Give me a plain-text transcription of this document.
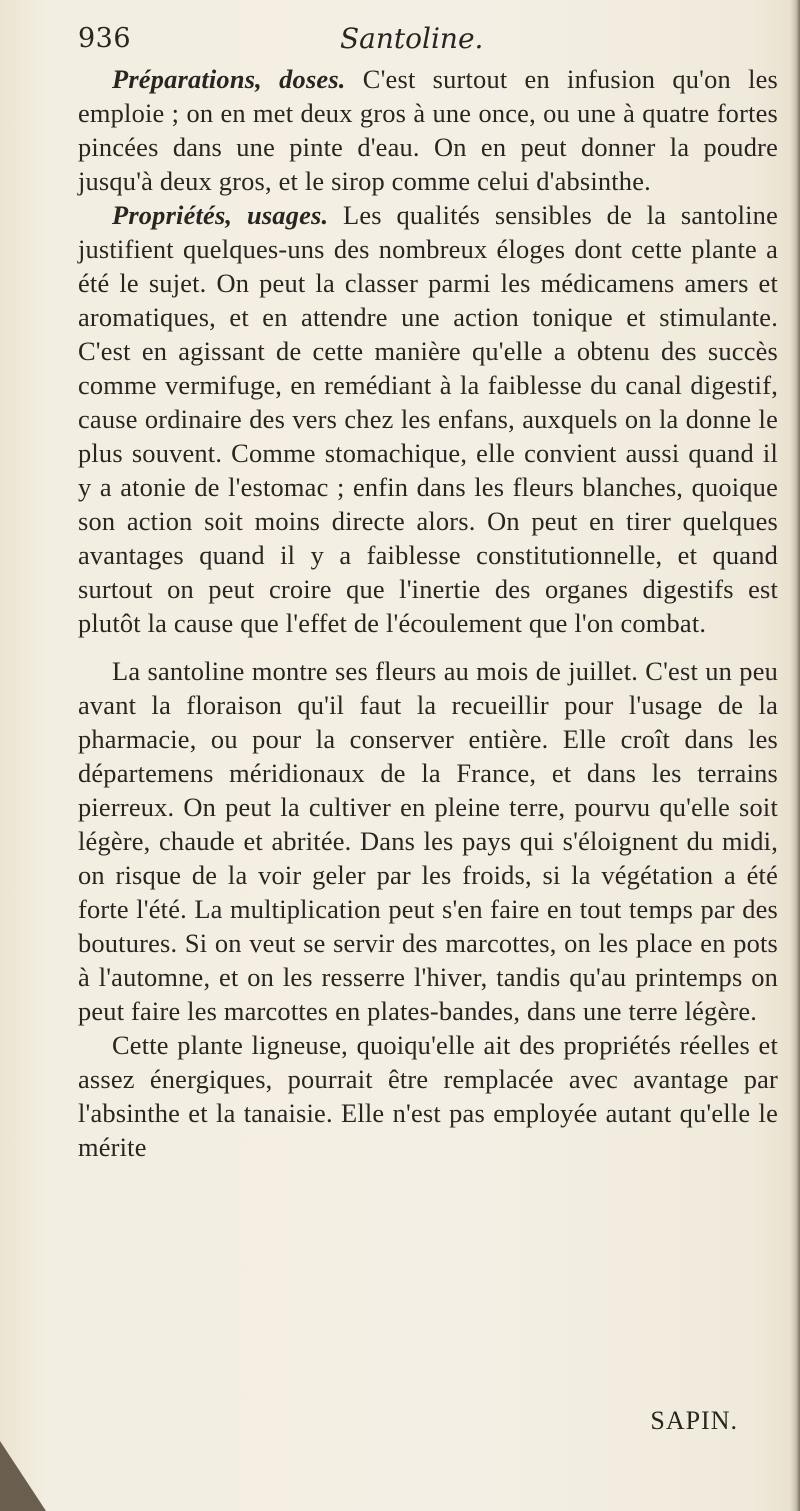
936	Santoline.

Préparations, doses. C'est surtout en infusion qu'on les emploie ; on en met deux gros à une once, ou une à quatre fortes pincées dans une pinte d'eau. On en peut donner la poudre jusqu'à deux gros, et le sirop comme celui d'absinthe.

Propriétés, usages. Les qualités sensibles de la santoline justifient quelques-uns des nombreux éloges dont cette plante a été le sujet. On peut la classer parmi les médicamens amers et aromatiques, et en attendre une action tonique et stimulante. C'est en agissant de cette manière qu'elle a obtenu des succès comme vermifuge, en remédiant à la faiblesse du canal digestif, cause ordinaire des vers chez les enfans, auxquels on la donne le plus souvent. Comme stomachique, elle convient aussi quand il y a atonie de l'estomac ; enfin dans les fleurs blanches, quoique son action soit moins directe alors. On peut en tirer quelques avantages quand il y a faiblesse constitutionnelle, et quand surtout on peut croire que l'inertie des organes digestifs est plutôt la cause que l'effet de l'écoulement que l'on combat.

La santoline montre ses fleurs au mois de juillet. C'est un peu avant la floraison qu'il faut la recueillir pour l'usage de la pharmacie, ou pour la conserver entière. Elle croît dans les départemens méridionaux de la France, et dans les terrains pierreux. On peut la cultiver en pleine terre, pourvu qu'elle soit légère, chaude et abritée. Dans les pays qui s'éloignent du midi, on risque de la voir geler par les froids, si la végétation a été forte l'été. La multiplication peut s'en faire en tout temps par des boutures. Si on veut se servir des marcottes, on les place en pots à l'automne, et on les resserre l'hiver, tandis qu'au printemps on peut faire les marcottes en plates-bandes, dans une terre légère.

Cette plante ligneuse, quoiqu'elle ait des propriétés réelles et assez énergiques, pourrait être remplacée avec avantage par l'absinthe et la tanaisie. Elle n'est pas employée autant qu'elle le mérite

SAPIN.
